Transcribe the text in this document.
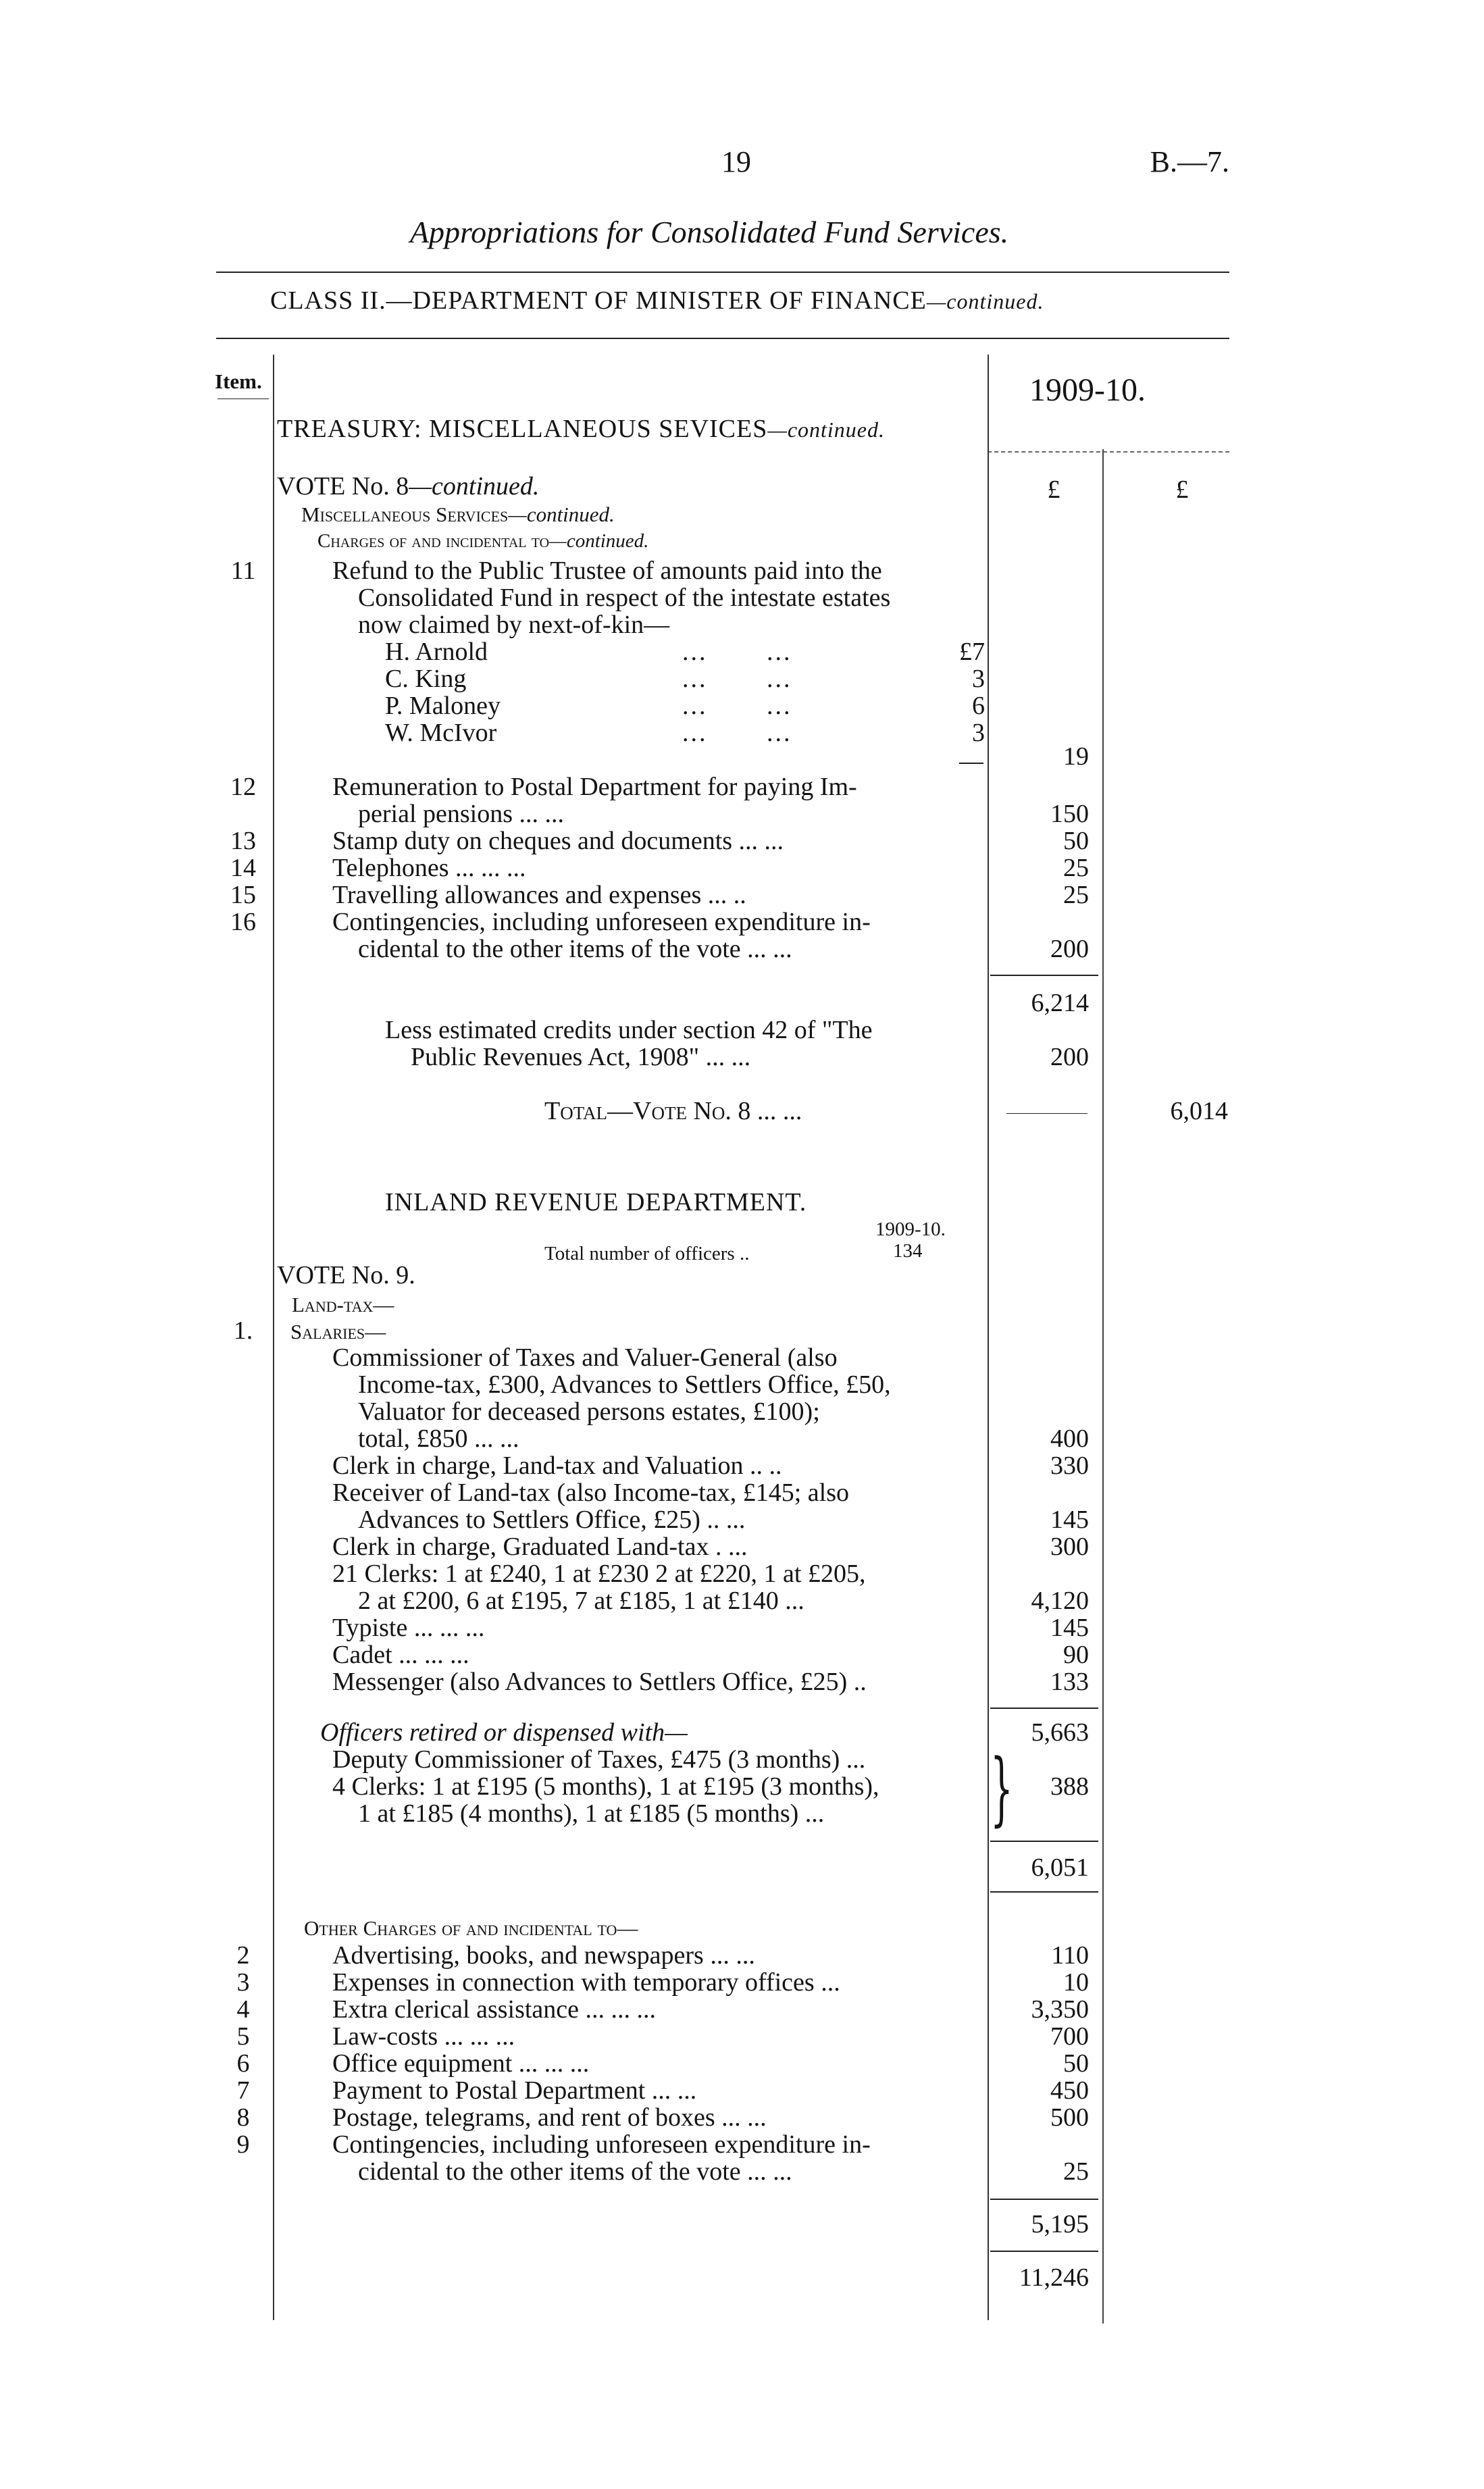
19	B.—7.
Appropriations for Consolidated Fund Services.
CLASS II.—DEPARTMENT OF MINISTER OF FINANCE—continued.
Item.	1909-10.
TREASURY: MISCELLANEOUS SEVICES—continued.
£	£
VOTE No. 8—continued.
Miscellaneous Services—continued.
Charges of and incidental to—continued.
11	Refund to the Public Trustee of amounts paid into the
Consolidated Fund in respect of the intestate estates
now claimed by next-of-kin—
H. Arnold	...       ...	£7
C. King	...       ...	3
P. Maloney	...       ...	6
W. McIvor	...       ...	3
19
12	Remuneration to Postal Department for paying Im-
perial pensions ... ...	150
13	Stamp duty on cheques and documents ... ...	50
14	Telephones ... ... ...	25
15	Travelling allowances and expenses ... ..	25
16	Contingencies, including unforeseen expenditure in-
cidental to the other items of the vote ... ...	200
6,214
Less estimated credits under section 42 of "The
Public Revenues Act, 1908" ... ...	200
Total—Vote No. 8 ... ...	6,014
INLAND REVENUE DEPARTMENT.
1909-10.
Total number of officers ..	134
VOTE No. 9.
Land-tax—
1.	Salaries—
Commissioner of Taxes and Valuer-General (also
Income-tax, £300, Advances to Settlers Office, £50,
Valuator for deceased persons estates, £100);
total, £850 ... ...	400
Clerk in charge, Land-tax and Valuation .. ..	330
Receiver of Land-tax (also Income-tax, £145; also
Advances to Settlers Office, £25) .. ...	145
Clerk in charge, Graduated Land-tax . ...	300
21 Clerks: 1 at £240, 1 at £230 2 at £220, 1 at £205,
2 at £200, 6 at £195, 7 at £185, 1 at £140 ...	4,120
Typiste ... ... ...	145
Cadet ... ... ...	90
Messenger (also Advances to Settlers Office, £25) ..	133
5,663
Officers retired or dispensed with—
Deputy Commissioner of Taxes, £475 (3 months) ...
4 Clerks: 1 at £195 (5 months), 1 at £195 (3 months),
1 at £185 (4 months), 1 at £185 (5 months) ... }	388
6,051
Other Charges of and incidental to—
2	Advertising, books, and newspapers ... ...	110
3	Expenses in connection with temporary offices ...	10
4	Extra clerical assistance ... ... ...	3,350
5	Law-costs ... ... ...	700
6	Office equipment ... ... ...	50
7	Payment to Postal Department ... ...	450
8	Postage, telegrams, and rent of boxes ... ...	500
9	Contingencies, including unforeseen expenditure in-
cidental to the other items of the vote ... ...	25
5,195
11,246
